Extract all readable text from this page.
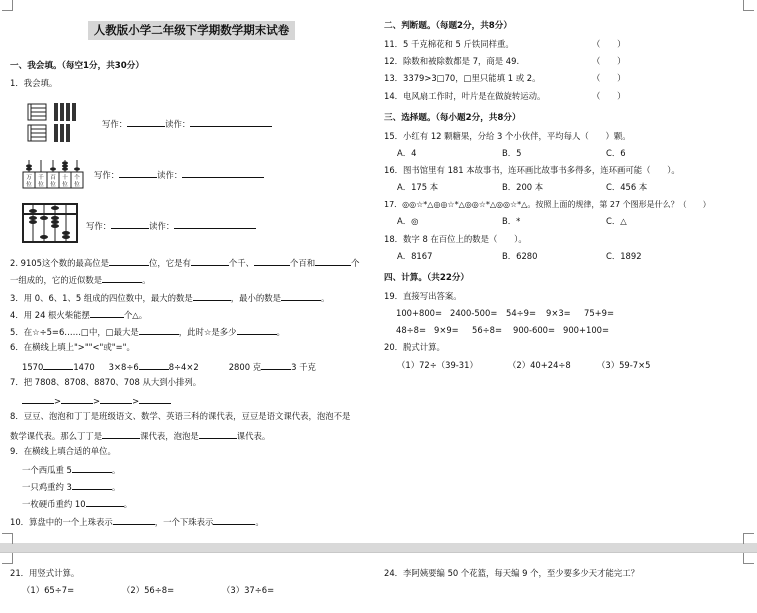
人教版小学二年级下学期数学期末试卷
一、我会填。（每空1分，共30分）
1．我会填。
写作：	读作：
万 千 百 十 个
位 位 位 位 位
写作：	读作：
写作：	读作：
2. 9105这个数的最高位是	位，它是有	个千、	个百和	个
一组成的，它的近似数是	。
3．用 0、6、1、5 组成的四位数中，最大的数是	，最小的数是	。
4．用 24 根火柴能摆	个△。
5．在☆÷5=6……□中，□最大是	，此时☆是多少	。
6．在横线上填上">""<"或"="。
1570	1470 3×8÷6	8÷4×2	2800 克	3 千克
7．把 7808、8708、8870、708 从大到小排列。
>	>	>
8．豆豆、泡泡和丁丁是班级语文、数学、英语三科的课代表，豆豆是语文课代表，泡泡不是
数学课代表。那么丁丁是	课代表，泡泡是	课代表。
9．在横线上填合适的单位。
一个西瓜重 5	。
一只鸡重约 3	。
一枚硬币重约 10	。
10．算盘中的一个上珠表示	，一个下珠表示	。
二、判断题。（每题2分，共8分）
11．5 千克棉花和 5 斤铁同样重。	（　　）
12．除数和被除数都是 7，商是 49.	（　　）
13．3379>3□70，□里只能填 1 或 2。	（　　）
14．电风扇工作时，叶片是在做旋转运动。	（　　）
三、选择题。（每小题2分，共8分）
15．小红有 12 颗糖果，分给 3 个小伙伴，平均每人（　　）颗。
A．4	B．5	C．6
16．图书馆里有 181 本故事书，连环画比故事书多得多，连环画可能（　　）。
A．175 本	B．200 本	C．456 本
17．◎◎☆*△◎◎☆*△◎◎☆*△◎◎☆*△。按照上面的规律，第 27 个图形是什么？（　　）
A．◎	B．*	C．△
18．数字 8 在百位上的数是（　　）。
A．8167	B．6280	C．1892
四、计算。（共22分）
19．直接写出答案。
100+800= 2400-500= 54÷9= 9×3= 75+9=
48÷8= 9×9= 56÷8= 900-600= 900+100=
20．脱式计算。
（1）72÷（39-31）	（2）40+24÷8	（3）59-7×5
21．用竖式计算。
（1）65÷7=	（2）56÷8=	（3）37÷6=
24．李阿姨要编 50 个花篮，每天编 9 个，至少要多少天才能完工？
